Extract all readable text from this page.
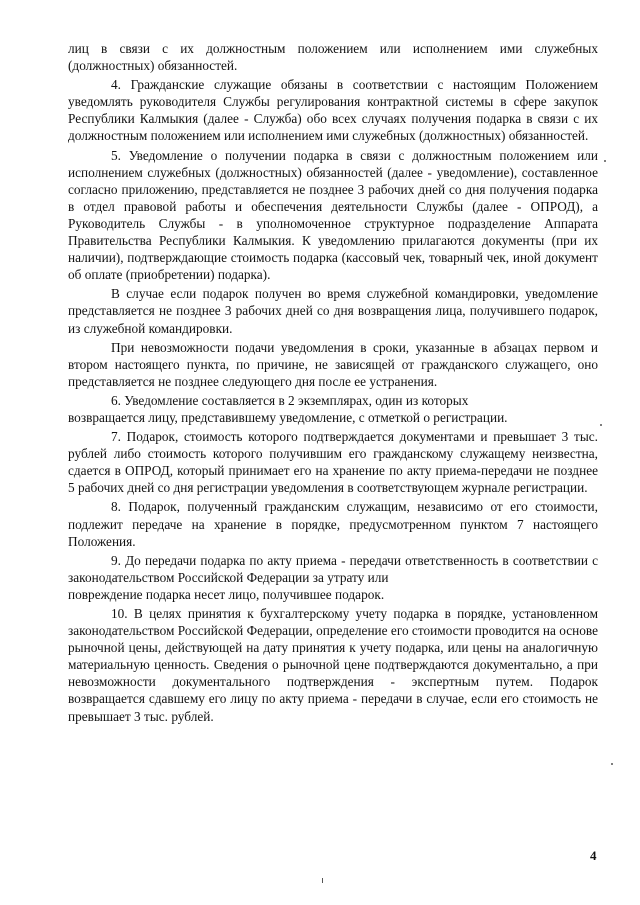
лиц в связи с их должностным положением или исполнением ими служебных (должностных) обязанностей.

4. Гражданские служащие обязаны в соответствии с настоящим Положением уведомлять руководителя Службы регулирования контрактной системы в сфере закупок Республики Калмыкия (далее - Служба) обо всех случаях получения подарка в связи с их должностным положением или исполнением ими служебных (должностных) обязанностей.

5. Уведомление о получении подарка в связи с должностным положением или исполнением служебных (должностных) обязанностей (далее - уведомление), составленное согласно приложению, представляется не позднее 3 рабочих дней со дня получения подарка в отдел правовой работы и обеспечения деятельности Службы (далее - ОПРОД), а Руководитель Службы - в уполномоченное структурное подразделение Аппарата Правительства Республики Калмыкия. К уведомлению прилагаются документы (при их наличии), подтверждающие стоимость подарка (кассовый чек, товарный чек, иной документ об оплате (приобретении) подарка).

В случае если подарок получен во время служебной командировки, уведомление представляется не позднее 3 рабочих дней со дня возвращения лица, получившего подарок, из служебной командировки.

При невозможности подачи уведомления в сроки, указанные в абзацах первом и втором настоящего пункта, по причине, не зависящей от гражданского служащего, оно представляется не позднее следующего дня после ее устранения.

6. Уведомление составляется в 2 экземплярах, один из которых
возвращается лицу, представившему уведомление, с отметкой о регистрации.

7. Подарок, стоимость которого подтверждается документами и превышает 3 тыс. рублей либо стоимость которого получившим его гражданскому служащему неизвестна, сдается в ОПРОД, который принимает его на хранение по акту приема-передачи не позднее 5 рабочих дней со дня регистрации уведомления в соответствующем журнале регистрации.

8. Подарок, полученный гражданским служащим, независимо от его стоимости, подлежит передаче на хранение в порядке, предусмотренном пунктом 7 настоящего Положения.

9. До передачи подарка по акту приема - передачи ответственность в соответствии с законодательством Российской Федерации за утрату или
повреждение подарка несет лицо, получившее подарок.

10. В целях принятия к бухгалтерскому учету подарка в порядке, установленном законодательством Российской Федерации, определение его стоимости проводится на основе рыночной цены, действующей на дату принятия к учету подарка, или цены на аналогичную материальную ценность. Сведения о рыночной цене подтверждаются документально, а при невозможности документального подтверждения - экспертным путем. Подарок возвращается сдавшему его лицу по акту приема - передачи в случае, если его стоимость не превышает 3 тыс. рублей.

4
